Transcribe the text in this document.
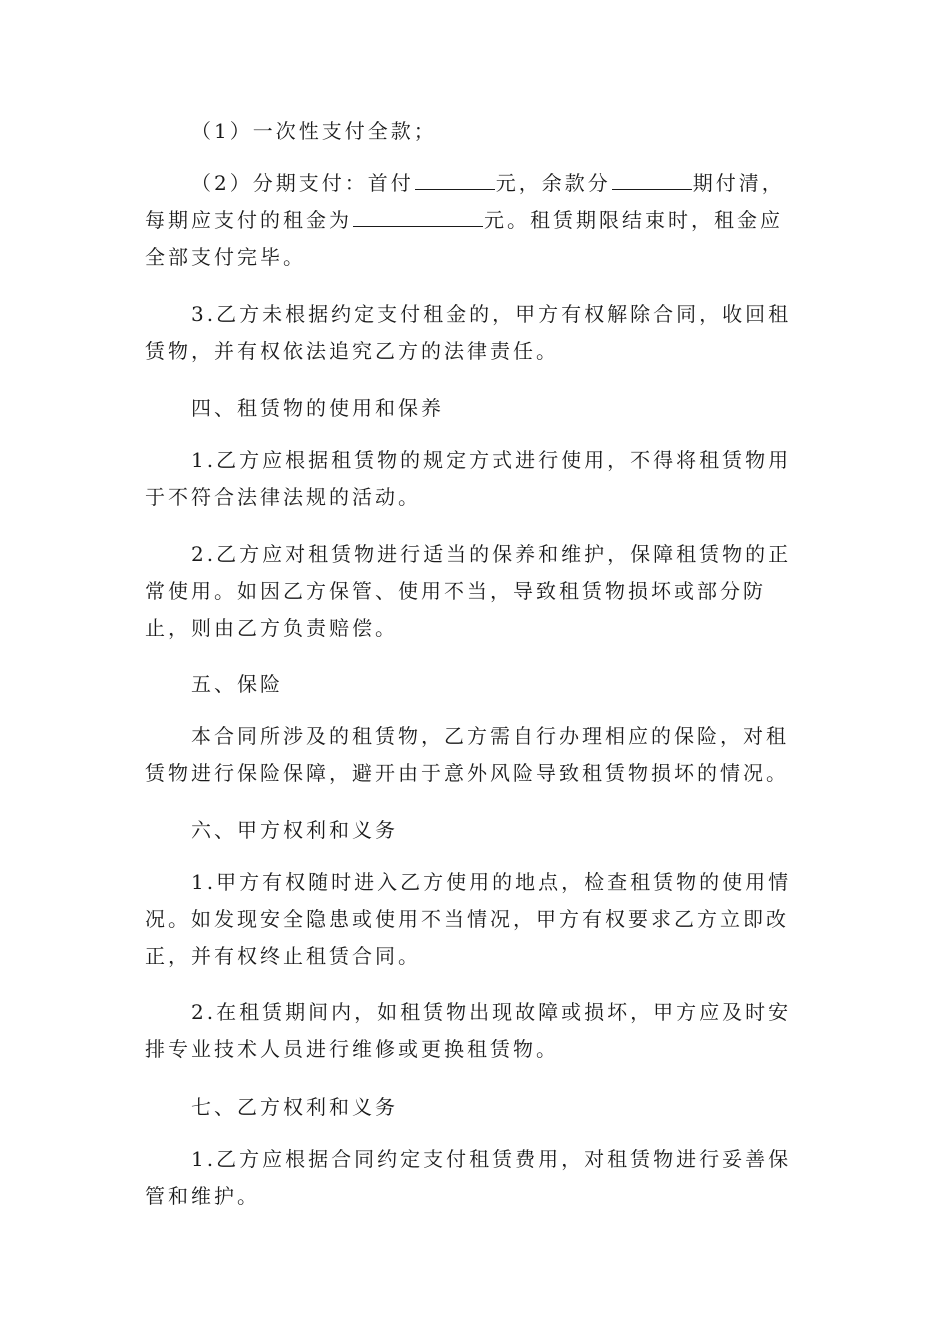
（1）一次性支付全款；

（2）分期支付：首付	元，余款分	期付清，每期应支付的租金为	元。租赁期限结束时，租金应全部支付完毕。

3.乙方未根据约定支付租金的，甲方有权解除合同，收回租赁物，并有权依法追究乙方的法律责任。

四、租赁物的使用和保养

1.乙方应根据租赁物的规定方式进行使用，不得将租赁物用于不符合法律法规的活动。

2.乙方应对租赁物进行适当的保养和维护，保障租赁物的正常使用。如因乙方保管、使用不当，导致租赁物损坏或部分防止，则由乙方负责赔偿。

五、保险

本合同所涉及的租赁物，乙方需自行办理相应的保险，对租赁物进行保险保障，避开由于意外风险导致租赁物损坏的情况。

六、甲方权利和义务

1.甲方有权随时进入乙方使用的地点，检查租赁物的使用情况。如发现安全隐患或使用不当情况，甲方有权要求乙方立即改正，并有权终止租赁合同。

2.在租赁期间内，如租赁物出现故障或损坏，甲方应及时安排专业技术人员进行维修或更换租赁物。

七、乙方权利和义务

1.乙方应根据合同约定支付租赁费用，对租赁物进行妥善保管和维护。
